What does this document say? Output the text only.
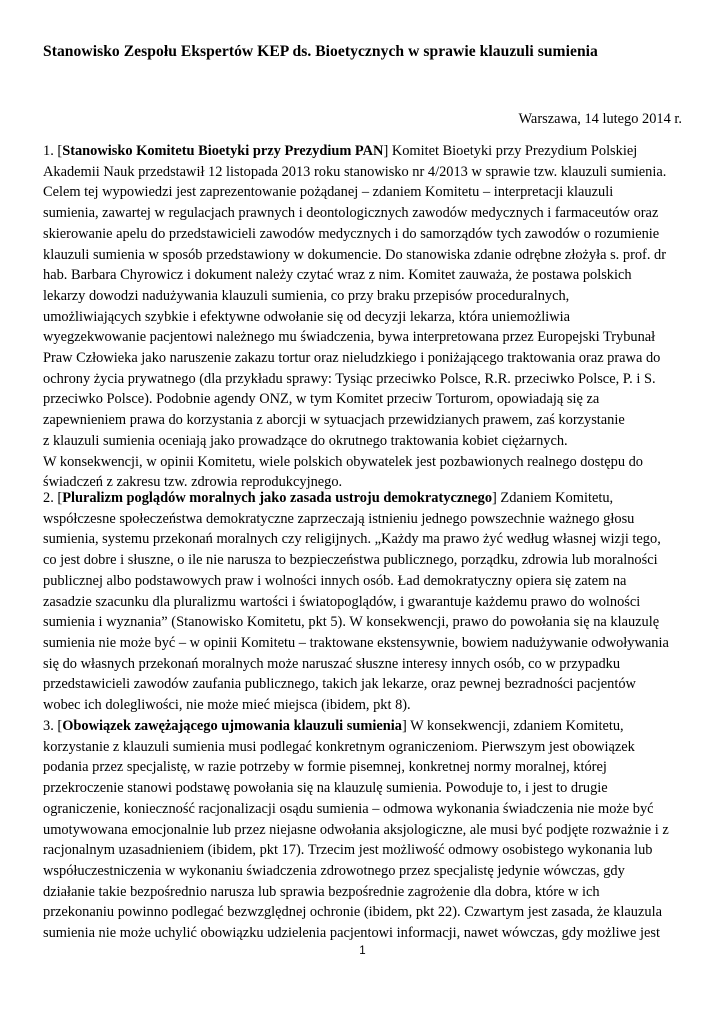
Stanowisko Zespołu Ekspertów KEP ds. Bioetycznych w sprawie klauzuli sumienia
Warszawa, 14 lutego 2014 r.
1. [Stanowisko Komitetu Bioetyki przy Prezydium PAN] Komitet Bioetyki przy Prezydium Polskiej
Akademii Nauk przedstawił 12 listopada 2013 roku stanowisko nr 4/2013 w sprawie tzw. klauzuli sumienia.
Celem tej wypowiedzi jest zaprezentowanie pożądanej – zdaniem Komitetu – interpretacji klauzuli
sumienia, zawartej w regulacjach prawnych i deontologicznych zawodów medycznych i farmaceutów oraz
skierowanie apelu do przedstawicieli zawodów medycznych i do samorządów tych zawodów o rozumienie
klauzuli sumienia w sposób przedstawiony w dokumencie. Do stanowiska zdanie odrębne złożyła s. prof. dr
hab. Barbara Chyrowicz i dokument należy czytać wraz z nim. Komitet zauważa, że postawa polskich
lekarzy dowodzi nadużywania klauzuli sumienia, co przy braku przepisów proceduralnych,
umożliwiających szybkie i efektywne odwołanie się od decyzji lekarza, która uniemożliwia
wyegzekwowanie pacjentowi należnego mu świadczenia, bywa interpretowana przez Europejski Trybunał
Praw Człowieka jako naruszenie zakazu tortur oraz nieludzkiego i poniżającego traktowania oraz prawa do
ochrony życia prywatnego (dla przykładu sprawy: Tysiąc przeciwko Polsce, R.R. przeciwko Polsce, P. i S.
przeciwko Polsce). Podobnie agendy ONZ, w tym Komitet przeciw Torturom, opowiadają się za
zapewnieniem prawa do korzystania z aborcji w sytuacjach przewidzianych prawem, zaś korzystanie
z klauzuli sumienia oceniają jako prowadzące do okrutnego traktowania kobiet ciężarnych.
W konsekwencji, w opinii Komitetu, wiele polskich obywatelek jest pozbawionych realnego dostępu do
świadczeń z zakresu tzw. zdrowia reprodukcyjnego.
2. [Pluralizm poglądów moralnych jako zasada ustroju demokratycznego] Zdaniem Komitetu,
współczesne społeczeństwa demokratyczne zaprzeczają istnieniu jednego powszechnie ważnego głosu
sumienia, systemu przekonań moralnych czy religijnych. „Każdy ma prawo żyć według własnej wizji tego,
co jest dobre i słuszne, o ile nie narusza to bezpieczeństwa publicznego, porządku, zdrowia lub moralności
publicznej albo podstawowych praw i wolności innych osób. Ład demokratyczny opiera się zatem na
zasadzie szacunku dla pluralizmu wartości i światopoglądów, i gwarantuje każdemu prawo do wolności
sumienia i wyznania” (Stanowisko Komitetu, pkt 5). W konsekwencji, prawo do powołania się na klauzulę
sumienia nie może być – w opinii Komitetu – traktowane ekstensywnie, bowiem nadużywanie odwoływania
się do własnych przekonań moralnych może naruszać słuszne interesy innych osób, co w przypadku
przedstawicieli zawodów zaufania publicznego, takich jak lekarze, oraz pewnej bezradności pacjentów
wobec ich dolegliwości, nie może mieć miejsca (ibidem, pkt 8).
3. [Obowiązek zawężającego ujmowania klauzuli sumienia] W konsekwencji, zdaniem Komitetu,
korzystanie z klauzuli sumienia musi podlegać konkretnym ograniczeniom. Pierwszym jest obowiązek
podania przez specjalistę, w razie potrzeby w formie pisemnej, konkretnej normy moralnej, której
przekroczenie stanowi podstawę powołania się na klauzulę sumienia. Powoduje to, i jest to drugie
ograniczenie, konieczność racjonalizacji osądu sumienia – odmowa wykonania świadczenia nie może być
umotywowana emocjonalnie lub przez niejasne odwołania aksjologiczne, ale musi być podjęte rozważnie i z
racjonalnym uzasadnieniem (ibidem, pkt 17). Trzecim jest możliwość odmowy osobistego wykonania lub
współuczestniczenia w wykonaniu świadczenia zdrowotnego przez specjalistę jedynie wówczas, gdy
działanie takie bezpośrednio narusza lub sprawia bezpośrednie zagrożenie dla dobra, które w ich
przekonaniu powinno podlegać bezwzględnej ochronie (ibidem, pkt 22). Czwartym jest zasada, że klauzula
sumienia nie może uchylić obowiązku udzielenia pacjentowi informacji, nawet wówczas, gdy możliwe jest
1
